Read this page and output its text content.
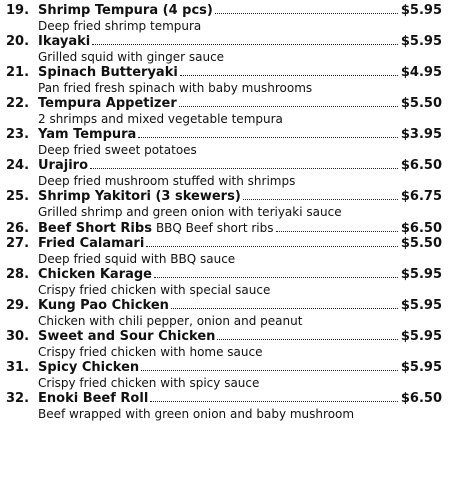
19. Shrimp Tempura (4 pcs)	$5.95
Deep fried shrimp tempura
20. Ikayaki	$5.95
Grilled squid with ginger sauce
21. Spinach Butteryaki	$4.95
Pan fried fresh spinach with baby mushrooms
22. Tempura Appetizer	$5.50
2 shrimps and mixed vegetable tempura
23. Yam Tempura	$3.95
Deep fried sweet potatoes
24. Urajiro	$6.50
Deep fried mushroom stuffed with shrimps
25. Shrimp Yakitori (3 skewers)	$6.75
Grilled shrimp and green onion with teriyaki sauce
26. Beef Short Ribs BBQ Beef short ribs	$6.50
27. Fried Calamari	$5.50
Deep fried squid with BBQ sauce
28. Chicken Karage	$5.95
Crispy fried chicken with special sauce
29. Kung Pao Chicken	$5.95
Chicken with chili pepper, onion and peanut
30. Sweet and Sour Chicken	$5.95
Crispy fried chicken with home sauce
31. Spicy Chicken	$5.95
Crispy fried chicken with spicy sauce
32. Enoki Beef Roll	$6.50
Beef wrapped with green onion and baby mushroom
